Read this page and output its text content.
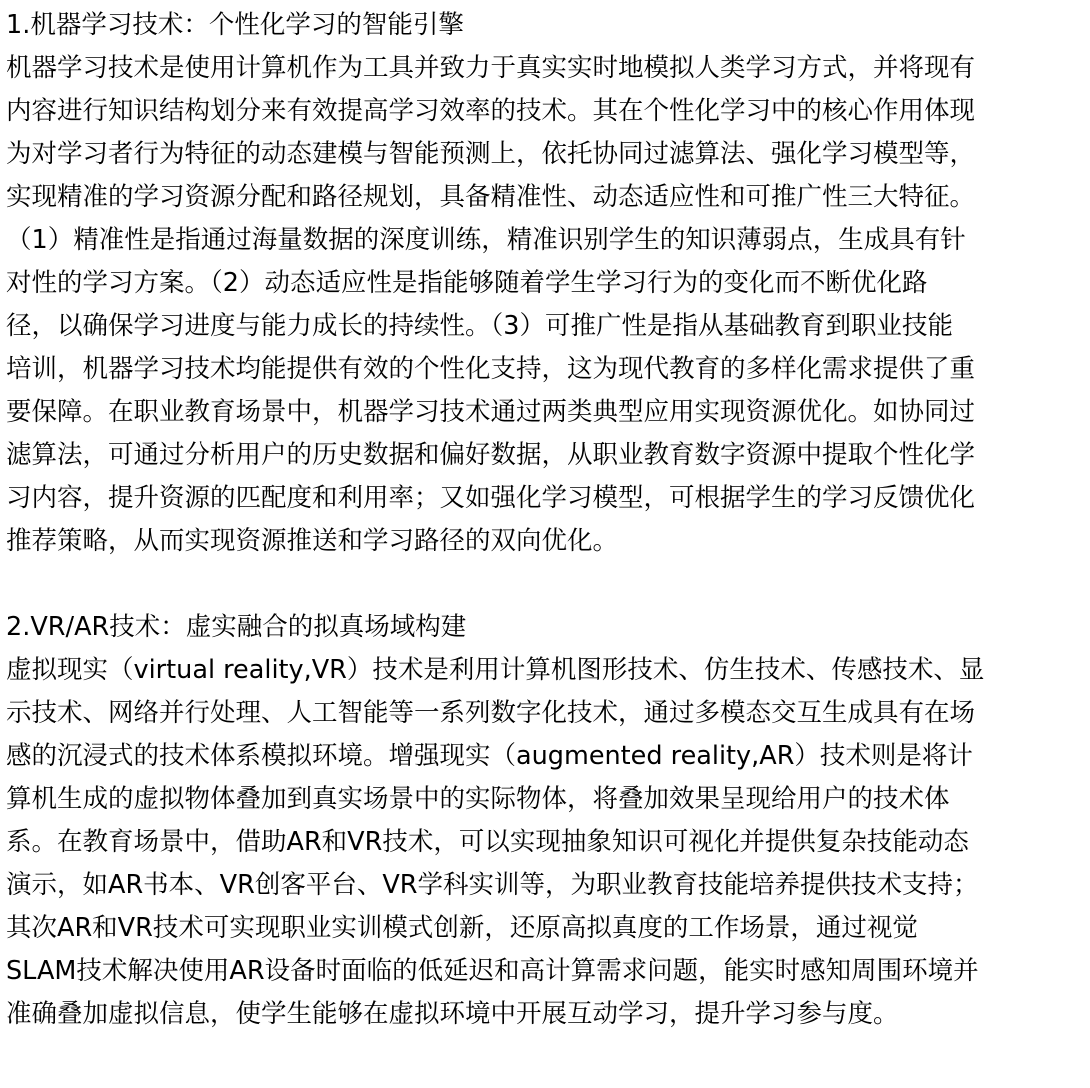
1.机器学习技术：个性化学习的智能引擎

机器学习技术是使用计算机作为工具并致力于真实实时地模拟人类学习方式，并将现有

内容进行知识结构划分来有效提高学习效率的技术。其在个性化学习中的核心作用体现

为对学习者行为特征的动态建模与智能预测上，依托协同过滤算法、强化学习模型等，

实现精准的学习资源分配和路径规划，具备精准性、动态适应性和可推广性三大特征。

（1）精准性是指通过海量数据的深度训练，精准识别学生的知识薄弱点，生成具有针

对性的学习方案。（2）动态适应性是指能够随着学生学习行为的变化而不断优化路

径，以确保学习进度与能力成长的持续性。（3）可推广性是指从基础教育到职业技能

培训，机器学习技术均能提供有效的个性化支持，这为现代教育的多样化需求提供了重

要保障。在职业教育场景中，机器学习技术通过两类典型应用实现资源优化。如协同过

滤算法，可通过分析用户的历史数据和偏好数据，从职业教育数字资源中提取个性化学

习内容，提升资源的匹配度和利用率；又如强化学习模型，可根据学生的学习反馈优化

推荐策略，从而实现资源推送和学习路径的双向优化。

2.VR/AR技术：虚实融合的拟真场域构建

虚拟现实（virtual reality,VR）技术是利用计算机图形技术、仿生技术、传感技术、显

示技术、网络并行处理、人工智能等一系列数字化技术，通过多模态交互生成具有在场

感的沉浸式的技术体系模拟环境。增强现实（augmented reality,AR）技术则是将计

算机生成的虚拟物体叠加到真实场景中的实际物体，将叠加效果呈现给用户的技术体

系。在教育场景中，借助AR和VR技术，可以实现抽象知识可视化并提供复杂技能动态

演示，如AR书本、VR创客平台、VR学科实训等，为职业教育技能培养提供技术支持；

其次AR和VR技术可实现职业实训模式创新，还原高拟真度的工作场景，通过视觉

SLAM技术解决使用AR设备时面临的低延迟和高计算需求问题，能实时感知周围环境并

准确叠加虚拟信息，使学生能够在虚拟环境中开展互动学习，提升学习参与度。
